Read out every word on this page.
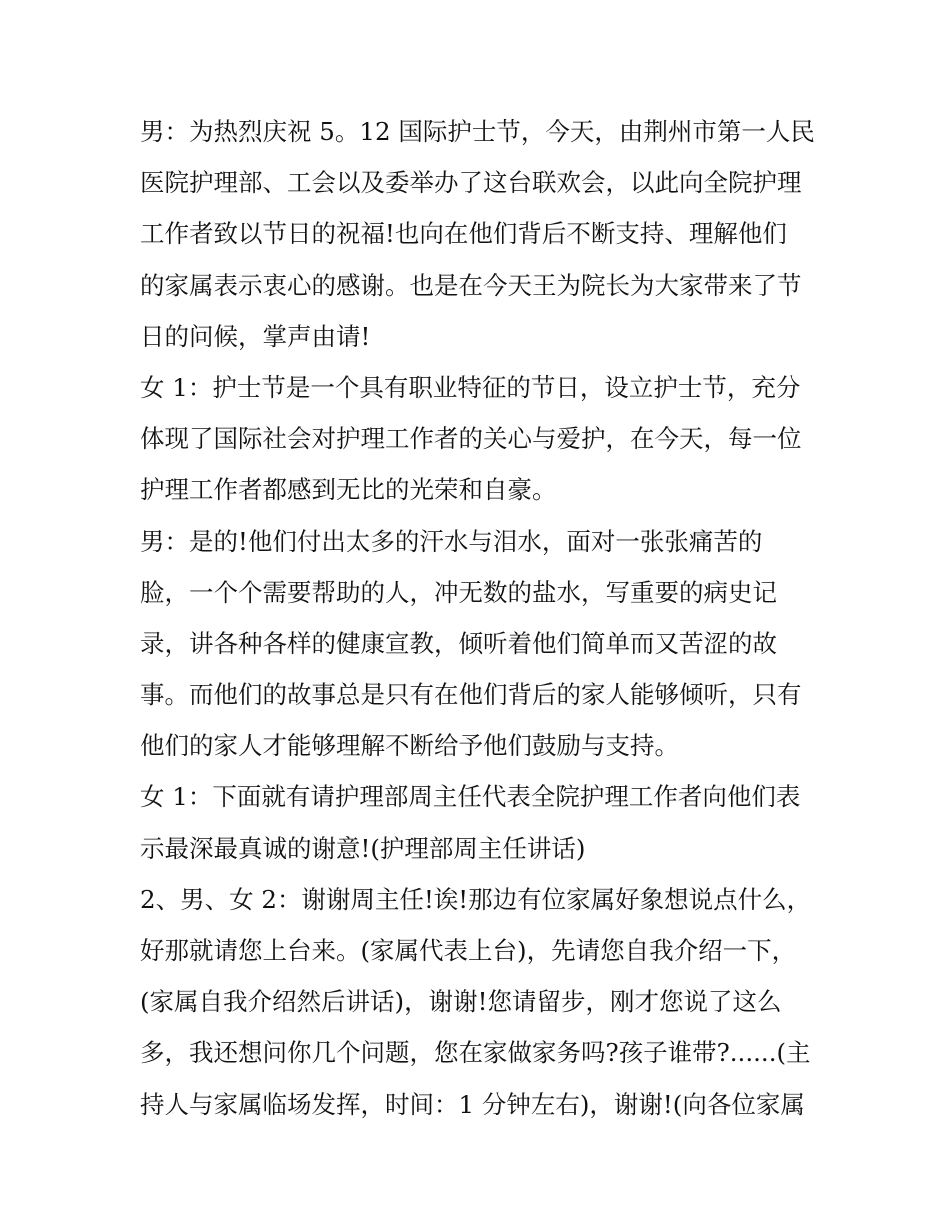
男：为热烈庆祝 5。12 国际护士节，今天，由荆州市第一人民
医院护理部、工会以及委举办了这台联欢会，以此向全院护理
工作者致以节日的祝福!也向在他们背后不断支持、理解他们
的家属表示衷心的感谢。也是在今天王为院长为大家带来了节
日的问候，掌声由请!
女 1：护士节是一个具有职业特征的节日，设立护士节，充分
体现了国际社会对护理工作者的关心与爱护，在今天，每一位
护理工作者都感到无比的光荣和自豪。
男：是的!他们付出太多的汗水与泪水，面对一张张痛苦的
脸，一个个需要帮助的人，冲无数的盐水，写重要的病史记
录，讲各种各样的健康宣教，倾听着他们简单而又苦涩的故
事。而他们的故事总是只有在他们背后的家人能够倾听，只有
他们的家人才能够理解不断给予他们鼓励与支持。
女 1：下面就有请护理部周主任代表全院护理工作者向他们表
示最深最真诚的谢意!(护理部周主任讲话)
2、男、女 2：谢谢周主任!诶!那边有位家属好象想说点什么，
好那就请您上台来。(家属代表上台)，先请您自我介绍一下，
(家属自我介绍然后讲话)，谢谢!您请留步，刚才您说了这么
多，我还想问你几个问题，您在家做家务吗?孩子谁带?......(主
持人与家属临场发挥，时间：1 分钟左右)，谢谢!(向各位家属
